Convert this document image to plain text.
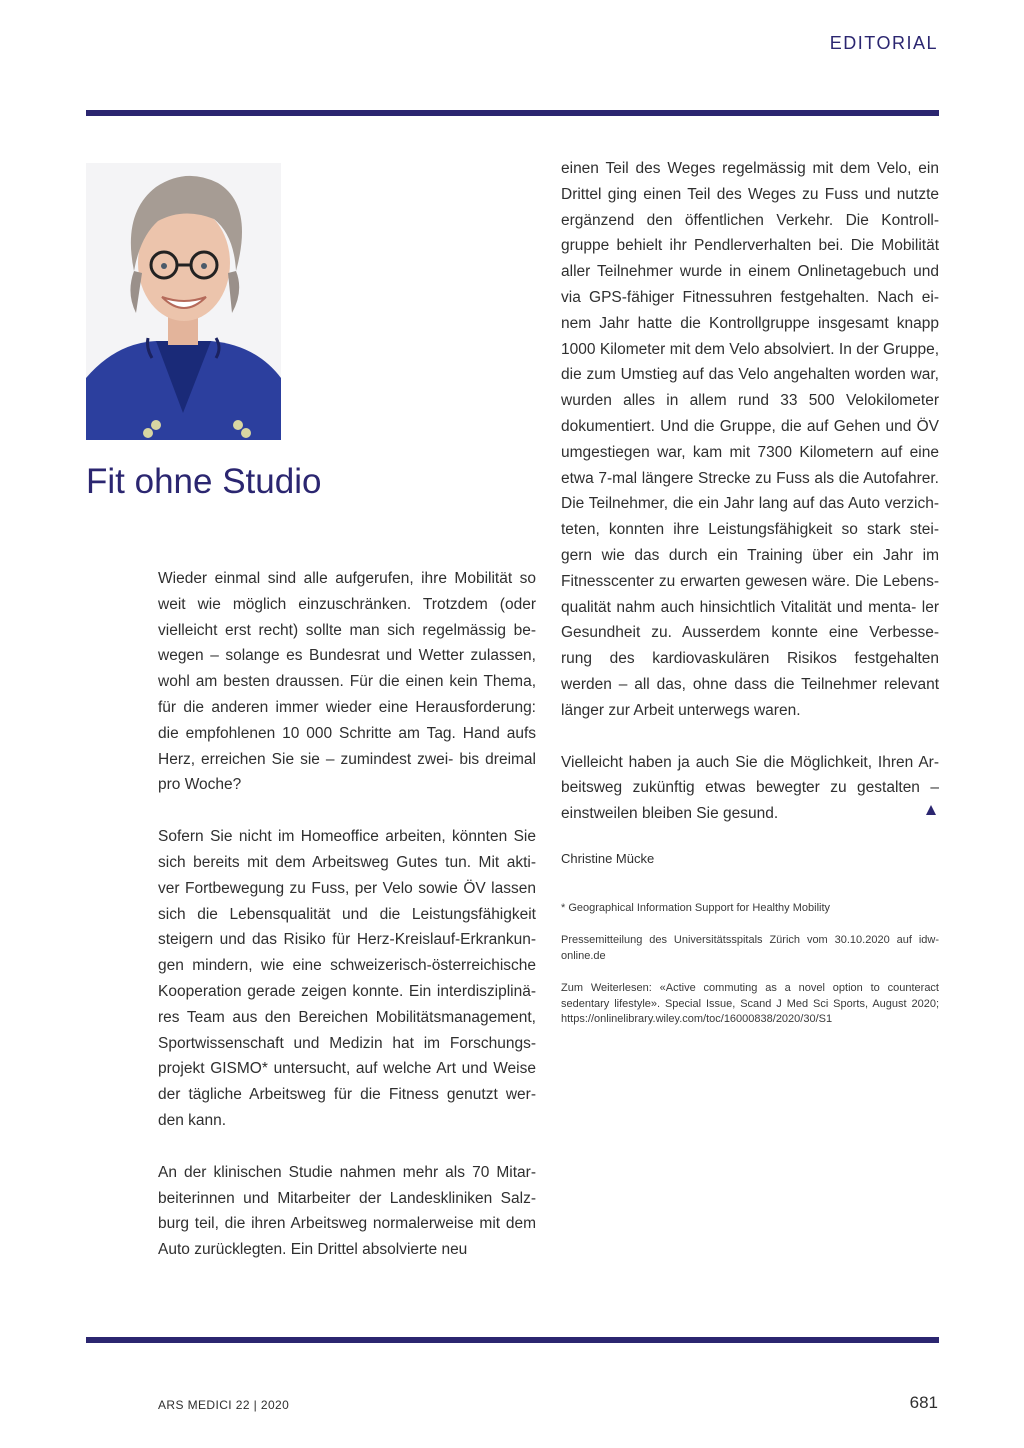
EDITORIAL
Fit ohne Studio

Wieder einmal sind alle aufgerufen, ihre Mobilität so weit wie möglich einzuschränken. Trotzdem (oder vielleicht erst recht) sollte man sich regelmässig be- wegen – solange es Bundesrat und Wetter zulassen, wohl am besten draussen. Für die einen kein Thema, für die anderen immer wieder eine Herausforderung: die empfohlenen 10 000 Schritte am Tag. Hand aufs Herz, erreichen Sie sie – zumindest zwei- bis dreimal pro Woche?

Sofern Sie nicht im Homeoffice arbeiten, könnten Sie sich bereits mit dem Arbeitsweg Gutes tun. Mit akti- ver Fortbewegung zu Fuss, per Velo sowie ÖV lassen sich die Lebensqualität und die Leistungsfähigkeit steigern und das Risiko für Herz-Kreislauf-Erkrankun- gen mindern, wie eine schweizerisch-österreichische Kooperation gerade zeigen konnte. Ein interdisziplinä- res Team aus den Bereichen Mobilitätsmanagement, Sportwissenschaft und Medizin hat im Forschungs- projekt GISMO* untersucht, auf welche Art und Weise der tägliche Arbeitsweg für die Fitness genutzt wer- den kann.

An der klinischen Studie nahmen mehr als 70 Mitar- beiterinnen und Mitarbeiter der Landeskliniken Salz- burg teil, die ihren Arbeitsweg normalerweise mit dem Auto zurücklegten. Ein Drittel absolvierte neu

einen Teil des Weges regelmässig mit dem Velo, ein Drittel ging einen Teil des Weges zu Fuss und nutzte ergänzend den öffentlichen Verkehr. Die Kontroll- gruppe behielt ihr Pendlerverhalten bei. Die Mobilität aller Teilnehmer wurde in einem Onlinetagebuch und via GPS-fähiger Fitnessuhren festgehalten. Nach ei- nem Jahr hatte die Kontrollgruppe insgesamt knapp 1000 Kilometer mit dem Velo absolviert. In der Gruppe, die zum Umstieg auf das Velo angehalten worden war, wurden alles in allem rund 33 500 Velokilometer dokumentiert. Und die Gruppe, die auf Gehen und ÖV umgestiegen war, kam mit 7300 Kilometern auf eine etwa 7-mal längere Strecke zu Fuss als die Autofahrer. Die Teilnehmer, die ein Jahr lang auf das Auto verzich- teten, konnten ihre Leistungsfähigkeit so stark stei- gern wie das durch ein Training über ein Jahr im Fitnesscenter zu erwarten gewesen wäre. Die Lebens- qualität nahm auch hinsichtlich Vitalität und menta- ler Gesundheit zu. Ausserdem konnte eine Verbesse- rung des kardiovaskulären Risikos festgehalten werden – all das, ohne dass die Teilnehmer relevant länger zur Arbeit unterwegs waren.

Vielleicht haben ja auch Sie die Möglichkeit, Ihren Ar- beitsweg zukünftig etwas bewegter zu gestalten – einstweilen bleiben Sie gesund.

Christine Mücke
* Geographical Information Support for Healthy Mobility
Pressemitteilung des Universitätsspitals Zürich vom 30.10.2020 auf idw-online.de
Zum Weiterlesen: «Active commuting as a novel option to counteract sedentary lifestyle». Special Issue, Scand J Med Sci Sports, August 2020; https://onlinelibrary.wiley.com/toc/16000838/2020/30/S1
ARS MEDICI 22 | 2020	681
